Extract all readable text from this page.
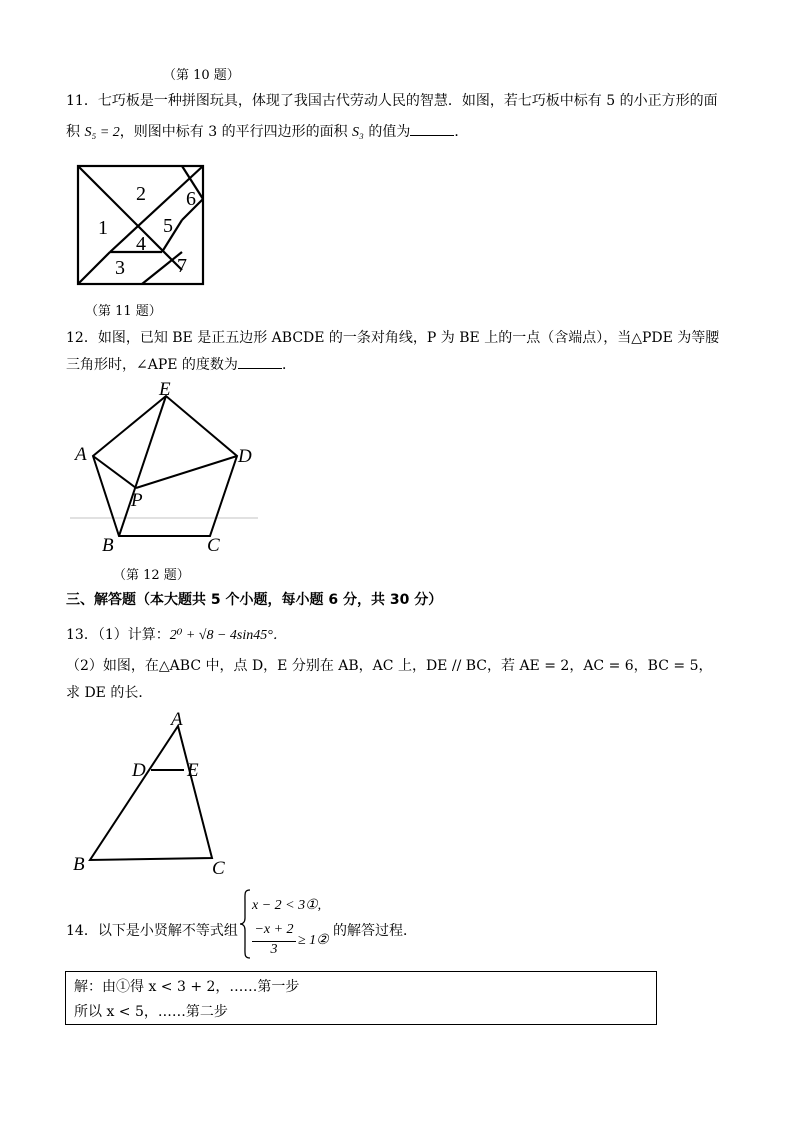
（第 10 题）
11．七巧板是一种拼图玩具，体现了我国古代劳动人民的智慧．如图，若七巧板中标有 5 的小正方形的面
积 S₅ = 2，则图中标有 3 的平行四边形的面积 S₃ 的值为	．
2 6
1	5
4
3	7
（第 11 题）
12．如图，已知 BE 是正五边形 ABCDE 的一条对角线，P 为 BE 上的一点（含端点），当△PDE 为等腰
三角形时，∠APE 的度数为	．
E
A	D
P
B	C
（第 12 题）
三、解答题（本大题共 5 个小题，每小题 6 分，共 30 分）
13．（1）计算：2⁰ + √8 − 4sin45°．
（2）如图，在△ABC 中，点 D，E 分别在 AB，AC 上，DE // BC，若 AE = 2，AC = 6，BC = 5，
求 DE 的长．
A
D E
B	C
14．以下是小贤解不等式组
x − 2 < 3①,
−x + 2
3
≥ 1②
的解答过程．
解：由①得 x < 3 + 2，……第一步
所以 x < 5，……第二步
